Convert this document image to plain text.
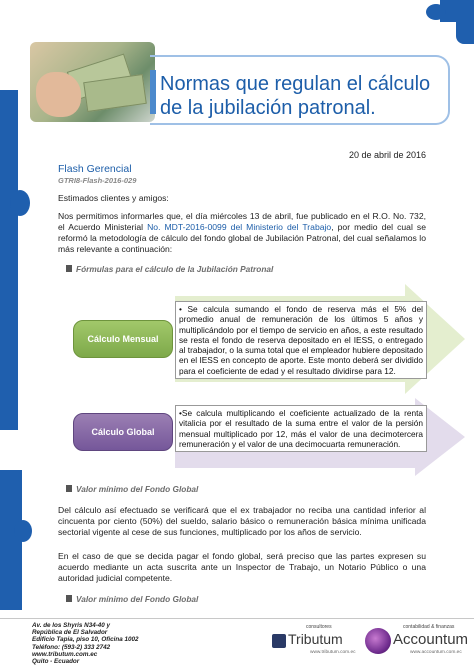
Normas que regulan el cálculo
de la jubilación patronal.
20 de abril de 2016
Flash Gerencial
GTRI8-Flash-2016-029
Estimados clientes y amigos:
Nos permitimos informarles que, el día miércoles 13 de abril, fue publicado en el R.O. No. 732, el Acuerdo Ministerial No. MDT-2016-0099 del Ministerio del Trabajo, por medio del cual se reformó la metodología de cálculo del fondo global de Jubilación Patronal, del cual señalamos lo más relevante a continuación:
Fórmulas para el cálculo de la Jubilación Patronal
Cálculo Mensual
• Se calcula sumando el fondo de reserva más el 5% del promedio anual de remuneración de los últimos 5 años y multiplicándolo por el tiempo de servicio en años, a este resultado se resta el fondo de reserva depositado en el IESS, o entregado al trabajador, o la suma total que el empleador hubiere depositado en el IESS en concepto de aporte. Este monto deberá ser dividido para el coeficiente de edad y el resultado dividirse para 12.
Cálculo Global
•Se calcula multiplicando el coeficiente actualizado de la renta vitalicia por el resultado de la suma entre el valor de la persión mensual multiplicado por 12, más el valor de una decimotercera remuneración y el valor de una decimocuarta remuneración.
Valor mínimo del Fondo Global
Del cálculo así efectuado se verificará que el ex trabajador no reciba una cantidad inferior al cincuenta por ciento (50%) del sueldo, salario básico o remuneración básica mínima unificada sectorial vigente al cese de sus funciones, multiplicado por los años de servicio.
En el caso de que se decida pagar el fondo global, será preciso que las partes expresen su acuerdo mediante un acta suscrita ante un Inspector de Trabajo, un Notario Público o una autoridad judicial competente.
Valor mínimo del Fondo Global
Av. de los Shyris N34-40 y
República de El Salvador
Edificio Tapia, piso 10, Oficina 1002
Teléfono: (593-2) 333 2742
www.tributum.com.ec
Quito - Ecuador
consultores
Tributum
www.tributum.com.ec
contabilidad & finanzas
Accountum
www.accountum.com.ec
